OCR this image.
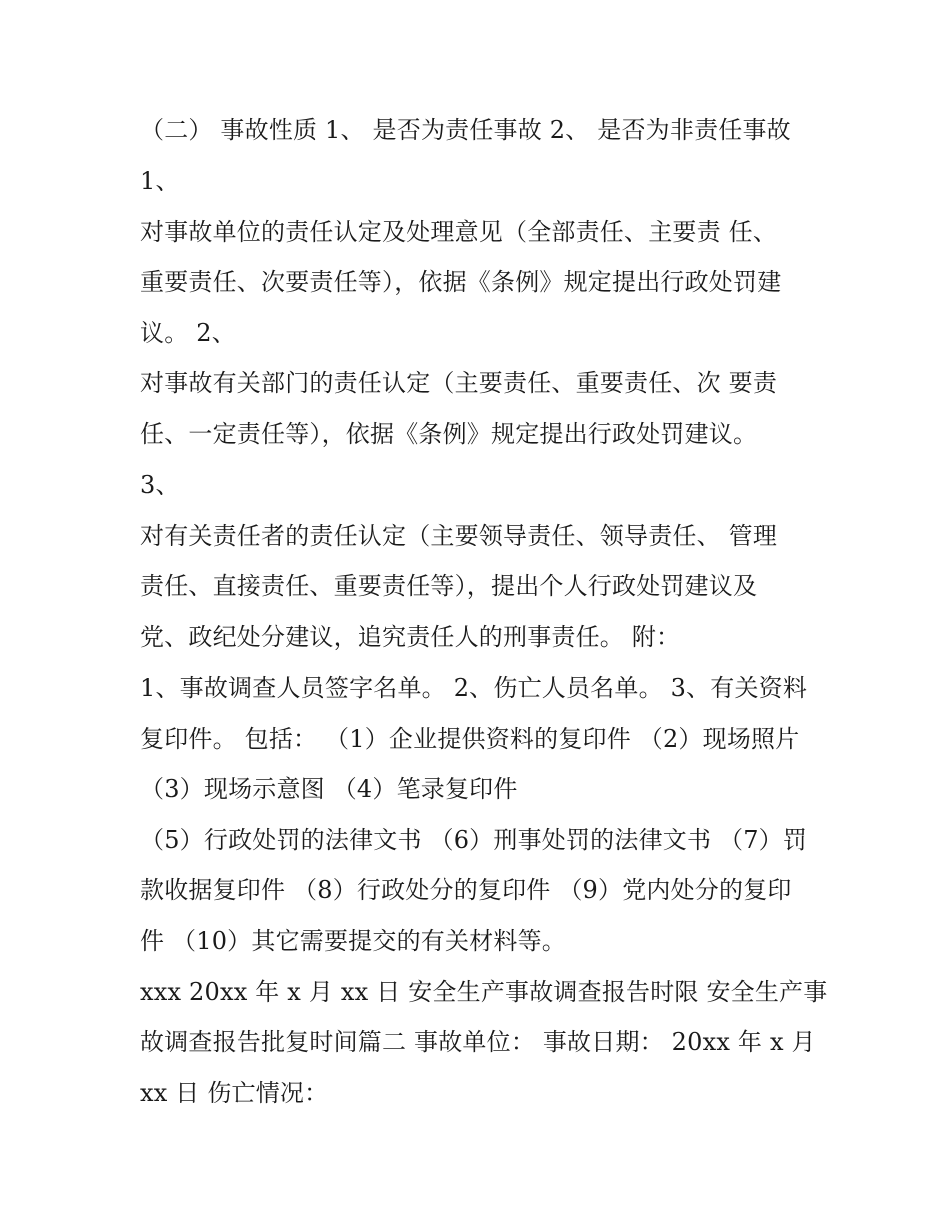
（二） 事故性质 1、 是否为责任事故 2、 是否为非责任事故
1、
对事故单位的责任认定及处理意见（全部责任、主要责 任、
重要责任、次要责任等），依据《条例》规定提出行政处罚建
议。 2、
对事故有关部门的责任认定（主要责任、重要责任、次 要责
任、一定责任等），依据《条例》规定提出行政处罚建议。
3、
对有关责任者的责任认定（主要领导责任、领导责任、 管理
责任、直接责任、重要责任等），提出个人行政处罚建议及
党、政纪处分建议，追究责任人的刑事责任。 附：
1、事故调查人员签字名单。 2、伤亡人员名单。 3、有关资料
复印件。 包括： （1）企业提供资料的复印件 （2）现场照片
（3）现场示意图 （4）笔录复印件
（5）行政处罚的法律文书 （6）刑事处罚的法律文书 （7）罚
款收据复印件 （8）行政处分的复印件 （9）党内处分的复印
件 （10）其它需要提交的有关材料等。
xxx 20xx 年 x 月 xx 日 安全生产事故调查报告时限 安全生产事
故调查报告批复时间篇二 事故单位： 事故日期： 20xx 年 x 月
xx 日 伤亡情况：
